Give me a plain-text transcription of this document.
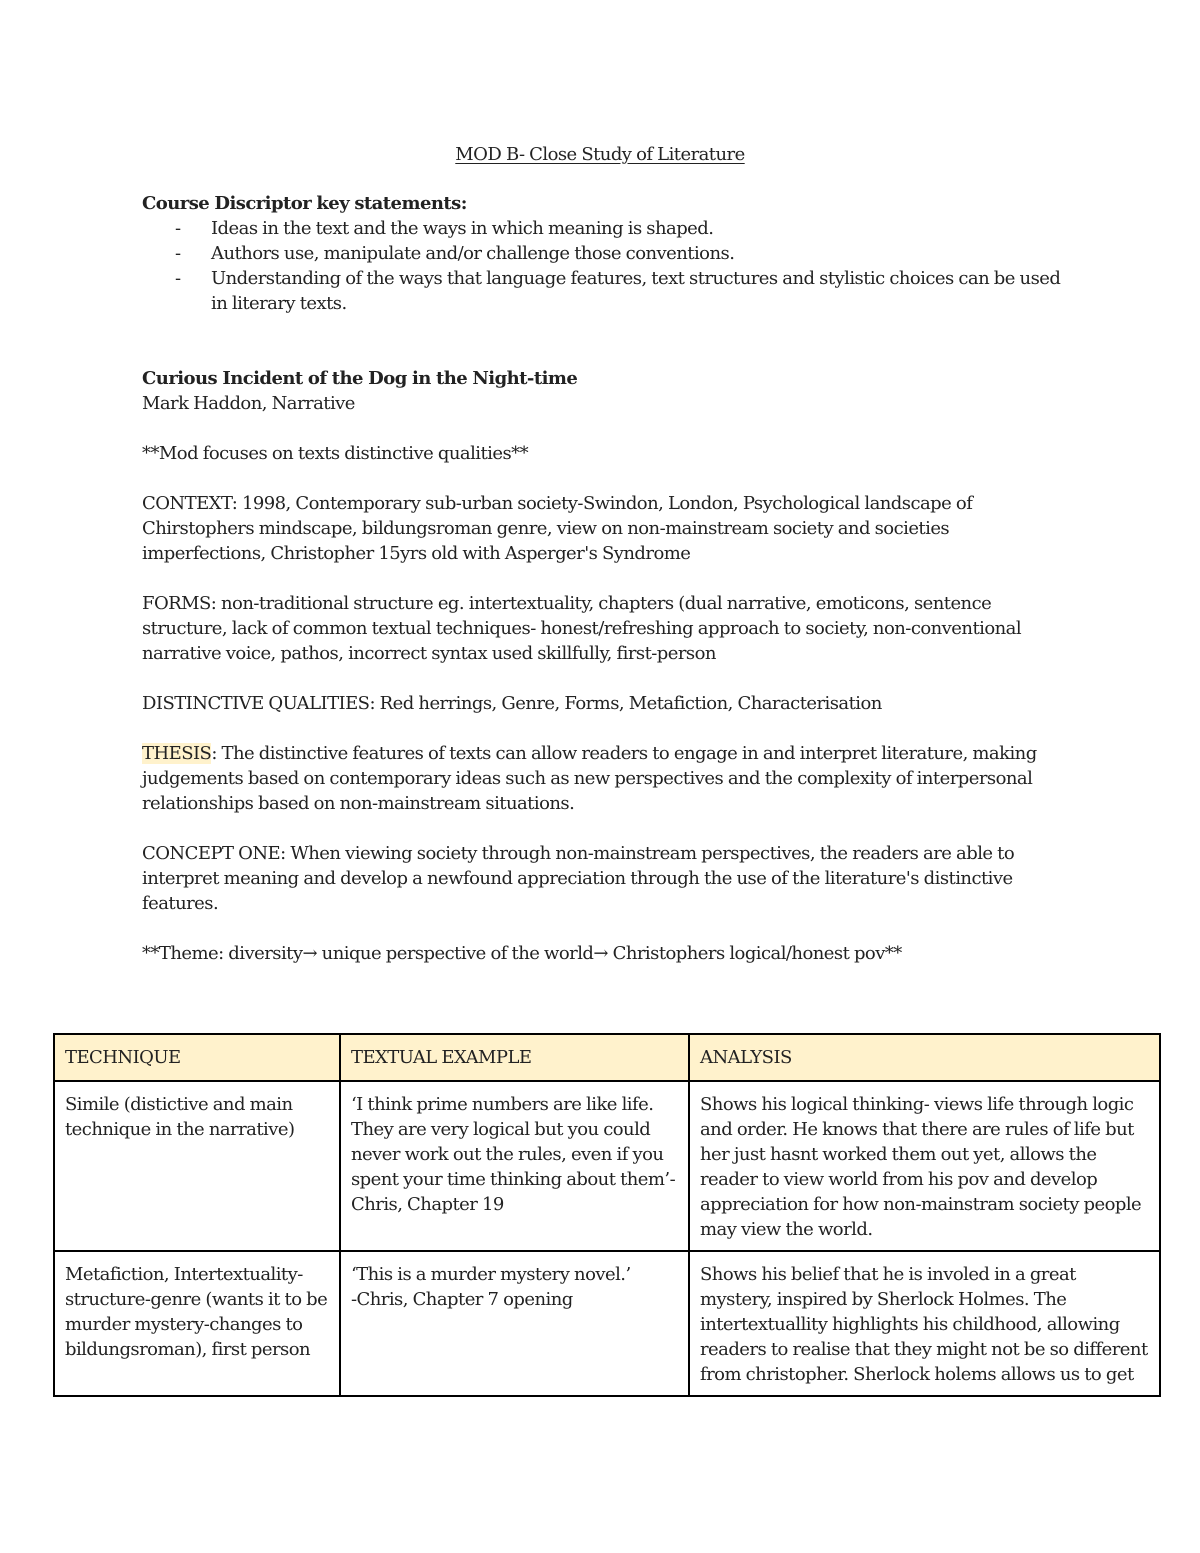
MOD B- Close Study of Literature

Course Discriptor key statements:

- Ideas in the text and the ways in which meaning is shaped.
- Authors use, manipulate and/or challenge those conventions.
- Understanding of the ways that language features, text structures and stylistic choices can be used in literary texts.

Curious Incident of the Dog in the Night-time

Mark Haddon, Narrative

**Mod focuses on texts distinctive qualities**

CONTEXT: 1998, Contemporary sub-urban society-Swindon, London, Psychological landscape of Chirstophers mindscape, bildungsroman genre, view on non-mainstream society and societies imperfections, Christopher 15yrs old with Asperger's Syndrome

FORMS: non-traditional structure eg. intertextuality, chapters (dual narrative, emoticons, sentence structure, lack of common textual techniques- honest/refreshing approach to society, non-conventional narrative voice, pathos, incorrect syntax used skillfully, first-person

DISTINCTIVE QUALITIES: Red herrings, Genre, Forms, Metafiction, Characterisation

THESIS: The distinctive features of texts can allow readers to engage in and interpret literature, making judgements based on contemporary ideas such as new perspectives and the complexity of interpersonal relationships based on non-mainstream situations.

CONCEPT ONE: When viewing society through non-mainstream perspectives, the readers are able to interpret meaning and develop a newfound appreciation through the use of the literature's distinctive features.

**Theme: diversity→ unique perspective of the world→ Christophers logical/honest pov**

TECHNIQUE	TEXTUAL EXAMPLE	ANALYSIS
Simile (distictive and main technique in the narrative)	‘I think prime numbers are like life. They are very logical but you could never work out the rules, even if you spent your time thinking about them’- Chris, Chapter 19	Shows his logical thinking- views life through logic and order. He knows that there are rules of life but her just hasnt worked them out yet, allows the reader to view world from his pov and develop appreciation for how non-mainstram society people may view the world.
Metafiction, Intertextuality-structure-genre (wants it to be murder mystery-changes to bildungsroman), first person	‘This is a murder mystery novel.’
-Chris, Chapter 7 opening	Shows his belief that he is involed in a great mystery, inspired by Sherlock Holmes. The intertextuallity highlights his childhood, allowing readers to realise that they might not be so different from christopher. Sherlock holems allows us to get
